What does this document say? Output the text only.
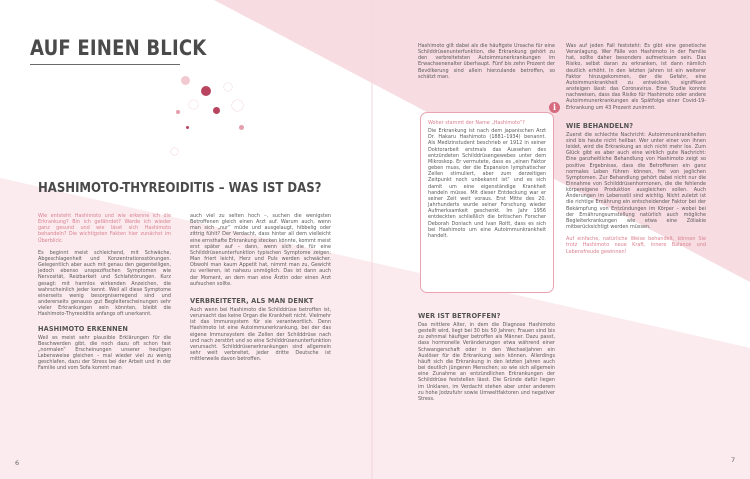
AUF EINEN BLICK
HASHIMOTO-THYREOIDITIS – WAS IST DAS?

Wie entsteht Hashimoto und wie erkenne ich die Erkrankung? Bin ich gefährdet? Werde ich wieder ganz gesund und wie lässt sich Hashimoto behandeln? Die wichtigsten Fakten hier zunächst im Überblick:

Es beginnt meist schleichend, mit Schwäche, Abgeschlagenheit und Konzentrationsstörungen. Gelegentlich aber auch mit genau den gegenteiligen, jedoch ebenso unspezifischen Symptomen wie Nervosität, Reizbarkeit und Schlafstörungen. Kurz gesagt: mit harmlos wirkenden Anzeichen, die wahrscheinlich jeder kennt. Weil all diese Symptome einerseits wenig besorgniserregend sind und andererseits genauso gut Begleiterscheinungen sehr vieler Erkrankungen sein könnten, bleibt die Hashimoto-Thyreoiditis anfangs oft unerkannt.

HASHIMOTO ERKENNEN

Weil es meist sehr plausible Erklärungen für die Beschwerden gibt, die noch dazu oft schon fast „normalen“ Erscheinungen unserer heutigen Lebensweise gleichen – mal wieder viel zu wenig geschlafen, dazu der Stress bei der Arbeit und in der Familie und vom Sofa kommt man

auch viel zu selten hoch –, suchen die wenigsten Betroffenen gleich einen Arzt auf. Warum auch, wenn man sich „nur“ müde und ausgelaugt, hibbelig oder zittrig fühlt? Der Verdacht, dass hinter all dem vielleicht eine ernsthafte Erkrankung stecken könnte, kommt meist erst später auf – dann, wenn sich die für eine Schilddrüsenunterfunktion typischen Symptome zeigen: Man friert leicht, Herz und Puls werden schwächer. Obwohl man kaum Appetit hat, nimmt man zu, Gewicht zu verlieren, ist nahezu unmöglich. Das ist dann auch der Moment, an dem man eine Ärztin oder einen Arzt aufsuchen sollte.

VERBREITETER, ALS MAN DENKT

Auch wenn bei Hashimoto die Schilddrüse betroffen ist, verursacht das keine Organ die Krankheit nicht. Vielmehr ist das Immunsystem für sie verantwortlich. Denn Hashimoto ist eine Autoimmunerkrankung, bei der das eigene Immunsystem die Zellen der Schilddrüse nach und nach zerstört und so eine Schilddrüsenunterfunktion verursacht. Schilddrüsenerkrankungen sind allgemein sehr weit verbreitet, jeder dritte Deutsche ist mittlerweile davon betroffen.

6

Hashimoto gilt dabei als die häufigste Ursache für eine Schilddrüsenunterfunktion, die Erkrankung gehört zu den verbreitetsten Autoimmunerkrankungen im Erwachsenenalter überhaupt. Fünf bis zehn Prozent der Bevölkerung sind allein hierzulande betroffen, so schätzt man.

Woher stammt der Name „Hashimoto“?

Die Erkrankung ist nach dem japanischen Arzt Dr. Hakaru Hashimoto (1881–1934) benannt. Als Medizinstudent beschrieb er 1912 in seiner Doktorarbeit erstmals das Aussehen des entzündeten Schilddrüsengewebes unter dem Mikroskop. Er vermutete, dass es „einen Faktor geben muss, der die Expansion lymphatischer Zellen stimuliert, aber zum derzeitigen Zeitpunkt noch unbekannt ist“ und es sich damit um eine eigenständige Krankheit handeln müsse. Mit dieser Entdeckung war er seiner Zeit weit voraus. Erst Mitte des 20. Jahrhunderts wurde seiner Forschung wieder Aufmerksamkeit geschenkt. Im Jahr 1956 entdeckten schließlich die britischen Forscher Deborah Doniach und Ivan Roitt, dass es sich bei Hashimoto um eine Autoimmunkrankheit handelt.

i

WER IST BETROFFEN?

Das mittlere Alter, in dem die Diagnose Hashimoto gestellt wird, liegt bei 30 bis 50 Jahren; Frauen sind bis zu zehnmal häufiger betroffen als Männer. Dazu passt, dass hormonelle Veränderungen etwa während einer Schwangerschaft oder in den Wechseljahren ein Auslöser für die Erkrankung sein können. Allerdings häuft sich die Erkrankung in den letzten Jahren auch bei deutlich jüngeren Menschen; so wie sich allgemein eine Zunahme an entzündlichen Erkrankungen der Schilddrüse feststellen lässt. Die Gründe dafür liegen im Unklaren, im Verdacht stehen aber unter anderem zu hohe Jodzufuhr sowie Umweltfaktoren und negativer Stress.

Was auf jeden Fall feststeht: Es gibt eine genetische Veranlagung. Wer Fälle von Hashimoto in der Familie hat, sollte daher besonders aufmerksam sein. Das Risiko, selbst daran zu erkranken, ist dann nämlich deutlich erhöht. In den letzten Jahren ist ein weiterer Faktor hinzugekommen, der die Gefahr, eine Autoimmunkrankheit zu entwickeln, signifikant ansteigen lässt: das Coronavirus. Eine Studie konnte nachweisen, dass das Risiko für Hashimoto oder andere Autoimmunerkrankungen als Spätfolge einer Covid-19-Erkrankung um 43 Prozent zunimmt.

WIE BEHANDELN?

Zuerst die schlechte Nachricht: Autoimmunkrankheiten sind bis heute nicht heilbar. Wer unter einer von ihnen leidet, wird die Erkrankung an sich nicht mehr los. Zum Glück gibt es aber auch eine wirklich gute Nachricht: Eine ganzheitliche Behandlung von Hashimoto zeigt so positive Ergebnisse, dass die Betroffenen ein ganz normales Leben führen können, frei von jeglichen Symptomen. Zur Behandlung gehört dabei nicht nur die Einnahme von Schilddrüsenhormonen, die die fehlende körpereigene Produktion ausgleichen sollen. Auch Änderungen im Lebensstil sind wichtig. Nicht zuletzt ist die richtige Ernährung ein entscheidender Faktor bei der Bekämpfung von Entzündungen im Körper – wobei bei der Ernährungsumstellung natürlich auch mögliche Begleiterkrankungen wie etwa eine Zöliakie mitberücksichtigt werden müssen.

Auf einfache, natürliche Weise behandelt, können Sie trotz Hashimoto neue Kraft, innere Balance und Lebensfreude gewinnen!

7
